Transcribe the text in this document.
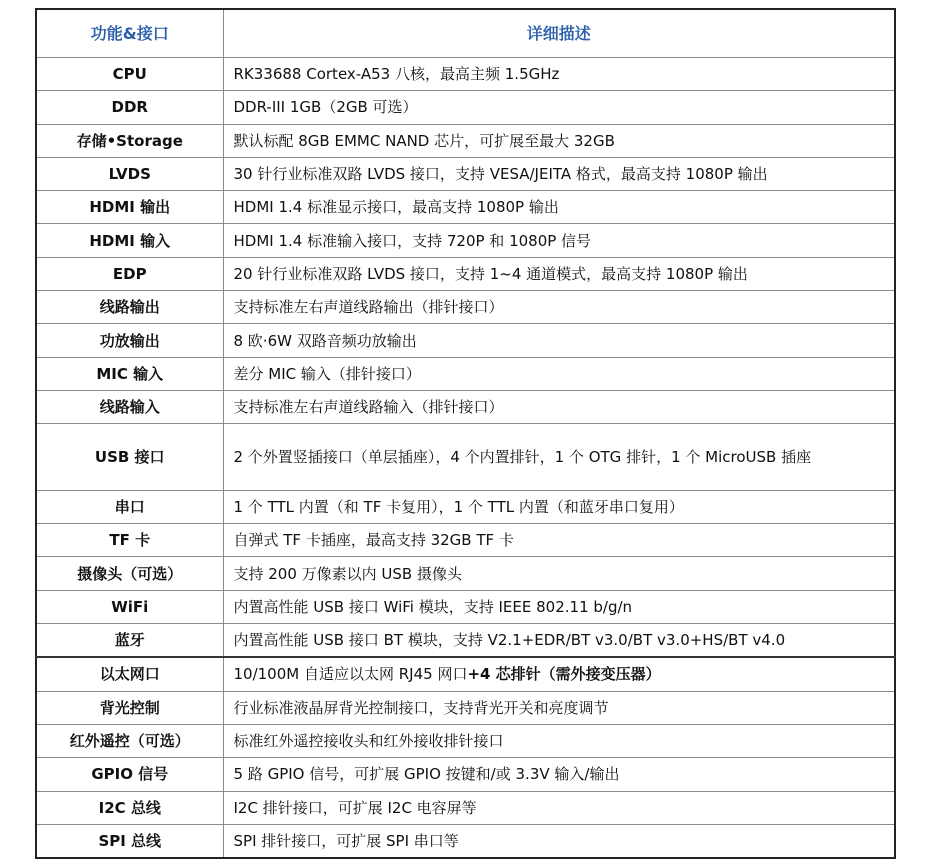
功能&接口	详细描述
CPU	RK33688 Cortex-A53 八核，最高主频 1.5GHz
DDR	DDR-III 1GB（2GB 可选）
存储•Storage	默认标配 8GB EMMC NAND 芯片，可扩展至最大 32GB
LVDS	30 针行业标准双路 LVDS 接口，支持 VESA/JEITA 格式，最高支持 1080P 输出
HDMI 输出	HDMI 1.4 标准显示接口，最高支持 1080P 输出
HDMI 输入	HDMI 1.4 标准输入接口，支持 720P 和 1080P 信号
EDP	20 针行业标准双路 LVDS 接口，支持 1~4 通道模式，最高支持 1080P 输出
线路输出	支持标准左右声道线路输出（排针接口）
功放输出	8 欧·6W 双路音频功放输出
MIC 输入	差分 MIC 输入（排针接口）
线路输入	支持标准左右声道线路输入（排针接口）
USB 接口	2 个外置竖插接口（单层插座），4 个内置排针，1 个 OTG 排针，1 个 MicroUSB 插座
串口	1 个 TTL 内置（和 TF 卡复用），1 个 TTL 内置（和蓝牙串口复用）
TF 卡	自弹式 TF 卡插座，最高支持 32GB TF 卡
摄像头（可选）	支持 200 万像素以内 USB 摄像头
WiFi	内置高性能 USB 接口 WiFi 模块，支持 IEEE 802.11 b/g/n
蓝牙	内置高性能 USB 接口 BT 模块，支持 V2.1+EDR/BT v3.0/BT v3.0+HS/BT v4.0
以太网口	10/100M 自适应以太网 RJ45 网口+4 芯排针（需外接变压器）
背光控制	行业标准液晶屏背光控制接口，支持背光开关和亮度调节
红外遥控（可选）	标准红外遥控接收头和红外接收排针接口
GPIO 信号	5 路 GPIO 信号，可扩展 GPIO 按键和/或 3.3V 输入/输出
I2C 总线	I2C 排针接口，可扩展 I2C 电容屏等
SPI 总线	SPI 排针接口，可扩展 SPI 串口等
